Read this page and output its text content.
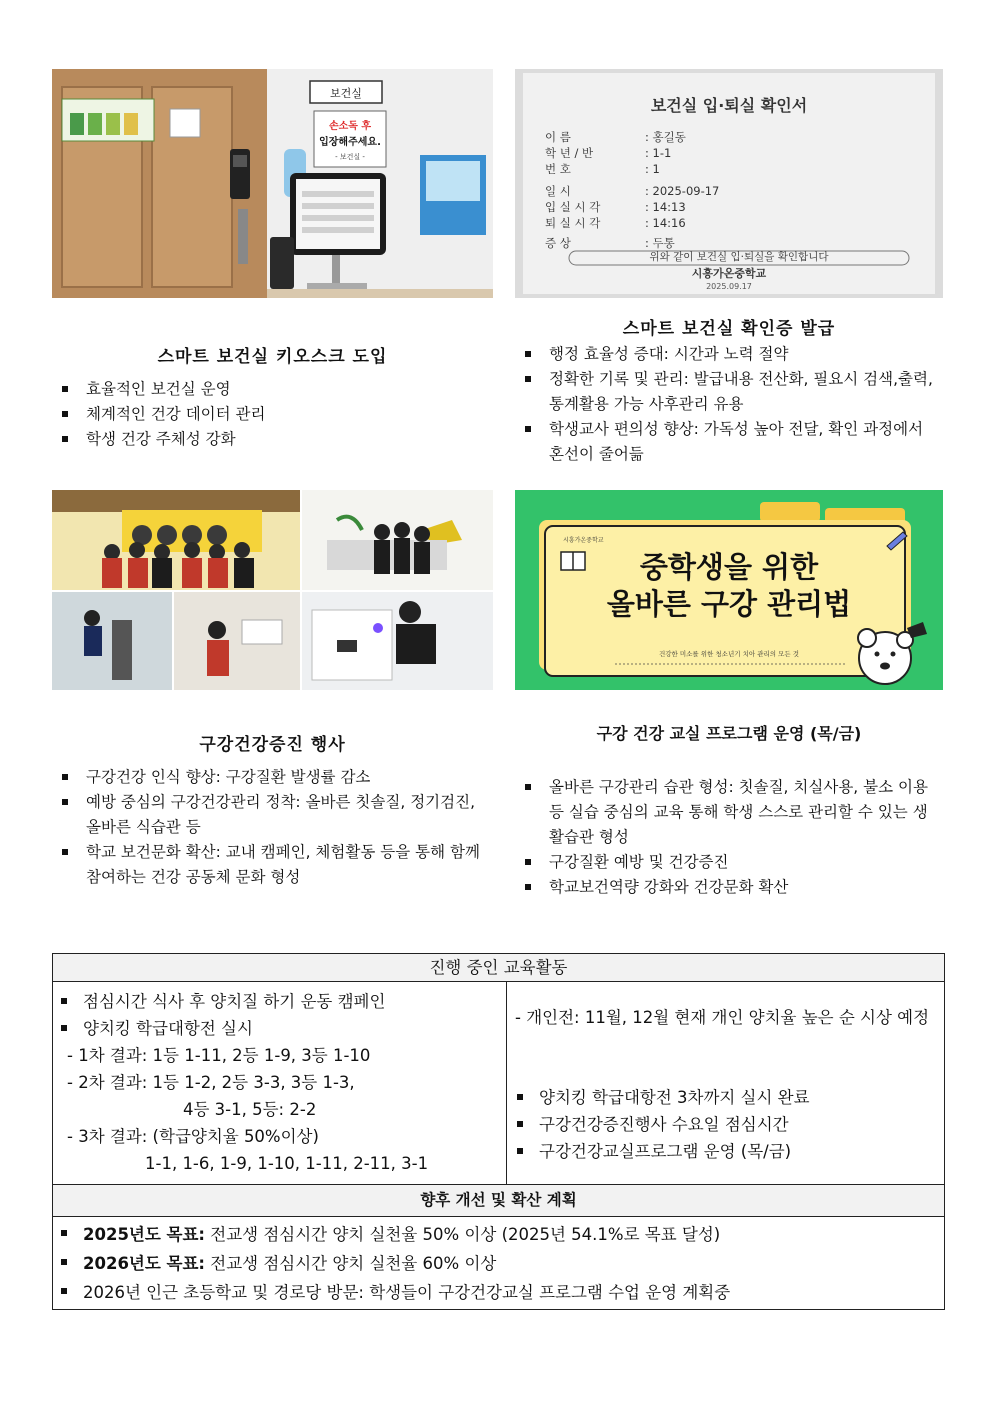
보건실
손소독 후
입장해주세요.
- 보건실 -
보건실 입·퇴실 확인서
이 름	: 홍길동
학 년 / 반	: 1-1
번 호	: 1
일 시	: 2025-09-17
입 실 시 각	: 14:13
퇴 실 시 각	: 14:16
증 상	: 두통
위와 같이 보건실 입·퇴실을 확인합니다
시흥가온중학교
2025.09.17
스마트 보건실 키오스크 도입
효율적인 보건실 운영
체계적인 건강 데이터 관리
학생 건강 주체성 강화
스마트 보건실 확인증 발급
행정 효율성 증대: 시간과 노력 절약
정확한 기록 및 관리: 발급내용 전산화, 필요시 검색,출력,통계활용 가능 사후관리 유용
학생교사 편의성 향상: 가독성 높아 전달, 확인 과정에서 혼선이 줄어듦
시흥가온중학교
중학생을 위한
올바른 구강 관리법
건강한 미소를 위한 청소년기 치아 관리의 모든 것
구강건강증진 행사
구강건강 인식 향상: 구강질환 발생률 감소
예방 중심의 구강건강관리 정착: 올바른 칫솔질, 정기검진, 올바른 식습관 등
학교 보건문화 확산: 교내 캠페인, 체험활동 등을 통해 함께 참여하는 건강 공동체 문화 형성
구강 건강 교실 프로그램 운영 (목/금)
올바른 구강관리 습관 형성: 칫솔질, 치실사용, 불소 이용 등 실습 중심의 교육 통해 학생 스스로 관리할 수 있는 생활습관 형성
구강질환 예방 및 건강증진
학교보건역량 강화와 건강문화 확산
진행 중인 교육활동
점심시간 식사 후 양치질 하기 운동 캠페인
양치킹 학급대항전 실시
- 1차 결과: 1등 1-11, 2등 1-9, 3등 1-10
- 2차 결과: 1등 1-2, 2등 3-3, 3등 1-3,
4등 3-1, 5등: 2-2
- 3차 결과: (학급양치율 50%이상)
1-1, 1-6, 1-9, 1-10, 1-11, 2-11, 3-1
- 개인전: 11월, 12월 현재 개인 양치율 높은 순 시상 예정
양치킹 학급대항전 3차까지 실시 완료
구강건강증진행사 수요일 점심시간
구강건강교실프로그램 운영 (목/금)
향후 개선 및 확산 계획
2025년도 목표: 전교생 점심시간 양치 실천율 50% 이상 (2025년 54.1%로 목표 달성)
2026년도 목표: 전교생 점심시간 양치 실천율 60% 이상
2026년 인근 초등학교 및 경로당 방문: 학생들이 구강건강교실 프로그램 수업 운영 계획중
